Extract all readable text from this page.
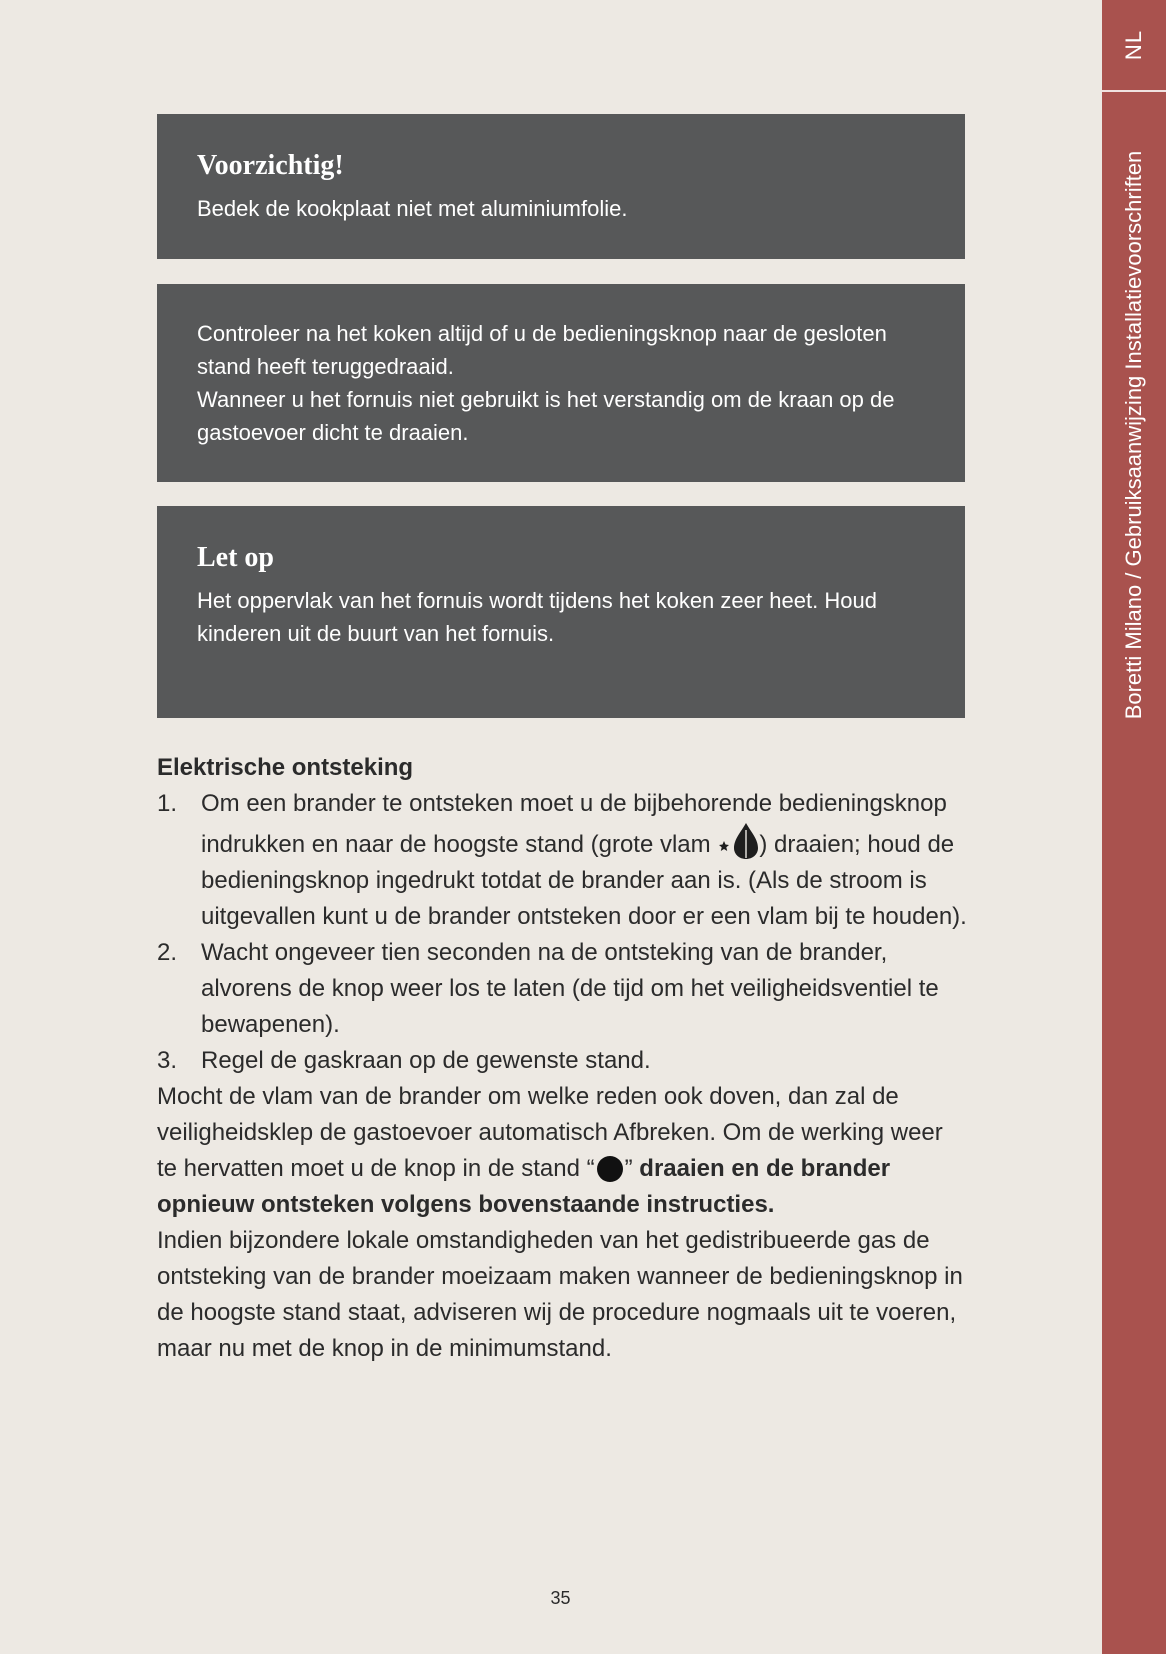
NL
Boretti Milano / Gebruiksaanwijzing Installatievoorschriften
Voorzichtig!

Bedek de kookplaat niet met aluminiumfolie.

Controleer na het koken altijd of u de bedieningsknop naar de gesloten stand heeft teruggedraaid.

Wanneer u het fornuis niet gebruikt is het verstandig om de kraan op de gastoevoer dicht te draaien.

Let op

Het oppervlak van het fornuis wordt tijdens het koken zeer heet. Houd kinderen uit de buurt van het fornuis.

Elektrische ontsteking
1. Om een brander te ontsteken moet u de bijbehorende bedieningsknop indrukken en naar de hoogste stand (grote vlam ) draaien; houd de bedieningsknop ingedrukt totdat de brander aan is. (Als de stroom is uitgevallen kunt u de brander ontsteken door er een vlam bij te houden).
2. Wacht ongeveer tien seconden na de ontsteking van de brander, alvorens de knop weer los te laten (de tijd om het veiligheidsventiel te bewapenen).
3. Regel de gaskraan op de gewenste stand.

Mocht de vlam van de brander om welke reden ook doven, dan zal de veiligheidsklep de gastoevoer automatisch Afbreken. Om de werking weer te hervatten moet u de knop in de stand “ ” draaien en de brander opnieuw ontsteken volgens bovenstaande instructies.

Indien bijzondere lokale omstandigheden van het gedistribueerde gas de ontsteking van de brander moeizaam maken wanneer de bedieningsknop in de hoogste stand staat, adviseren wij de procedure nogmaals uit te voeren, maar nu met de knop in de minimumstand.

35
